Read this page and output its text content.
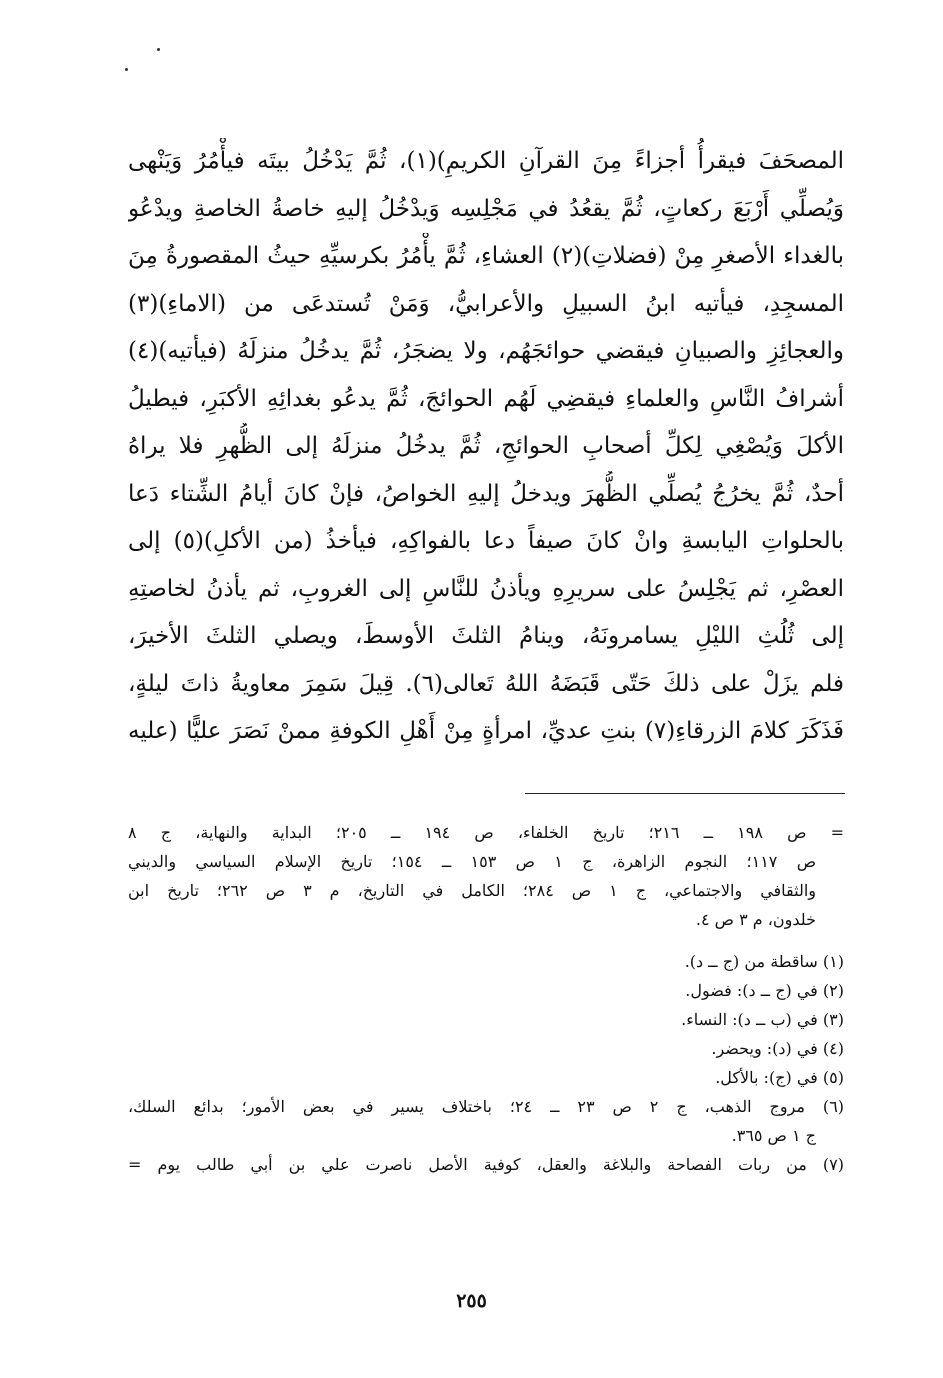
المصحَفَ فيقرأُ أجزاءً مِنَ القرآنِ الكريمِ)(١)، ثُمَّ يَدْخُلُ بيتَه فيأْمُرُ وَيَنْهى
وَيُصلِّي أَرْبَعَ ركعاتٍ، ثُمَّ يقعُدُ في مَجْلِسِه وَيدْخُلُ إليهِ خاصةُ الخاصةِ ويدْعُو
بالغداء الأصغرِ مِنْ (فضلاتِ)(٢) العشاءِ، ثُمَّ يأْمُرُ بكرسيِّهِ حيثُ المقصورةُ مِنَ
المسجِدِ، فيأتيه ابنُ السبيلِ والأعرابيُّ، وَمَنْ تُستدعَى من (الاماءِ)(٣)
والعجائِزِ والصبيانِ فيقضي حوائجَهُم، ولا يضجَرُ، ثُمَّ يدخُلُ منزلَهُ (فيأتيه)(٤)
أشرافُ النَّاسِ والعلماءِ فيقضِي لَهُم الحوائجَ، ثُمَّ يدعُو بغدائِهِ الأكبَرِ، فيطيلُ
الأكلَ وَيُصْغِي لِكلِّ أصحابِ الحوائجِ، ثُمَّ يدخُلُ منزلَهُ إلى الظُّهرِ فلا يراهُ
أحدٌ، ثُمَّ يخرُجُ يُصلِّي الظُّهرَ ويدخلُ إليهِ الخواصُ، فإنْ كانَ أيامُ الشِّتاء دَعا
بالحلواتِ اليابسةِ وانْ كانَ صيفاً دعا بالفواكِهِ، فيأخذُ (من الأكلِ)(٥) إلى
العصْرِ، ثم يَجْلِسُ على سريرِهِ ويأذنُ للنَّاسِ إلى الغروبِ، ثم يأذنُ لخاصتِهِ
إلى ثُلُثِ الليْلِ يسامرونَهُ، وينامُ الثلثَ الأوسطَ، ويصلي الثلثَ الأخيرَ،
فلم يزَلْ على ذلكَ حَتّى قَبَضَهُ اللهُ تَعالى(٦). قِيلَ سَمِرَ معاويةُ ذاتَ ليلةٍ،
فَذَكَرَ كلامَ الزرقاءِ(٧) بنتِ عديِّ، امرأةٍ مِنْ أَهْلِ الكوفةِ ممنْ نَصَرَ عليًّا (عليه
= ص ١٩٨ ــ ٢١٦؛ تاريخ الخلفاء، ص ١٩٤ ــ ٢٠٥؛ البداية والنهاية، ج ٨
ص ١١٧؛ النجوم الزاهرة، ج ١ ص ١٥٣ ــ ١٥٤؛ تاريخ الإسلام السياسي والديني
والثقافي والاجتماعي، ج ١ ص ٢٨٤؛ الكامل في التاريخ، م ٣ ص ٢٦٢؛ تاريخ ابن
خلدون، م ٣ ص ٤.
(١) ساقطة من (ج ــ د).
(٢) في (ج ــ د): فضول.
(٣) في (ب ــ د): النساء.
(٤) في (د): ويحضر.
(٥) في (ج): بالأكل.
(٦) مروج الذهب، ج ٢ ص ٢٣ ــ ٢٤؛ باختلاف يسير في بعض الأمور؛ بدائع السلك،
ج ١ ص ٣٦٥.
(٧) من ربات الفصاحة والبلاغة والعقل، كوفية الأصل ناصرت علي بن أبي طالب يوم =
٢٥٥
